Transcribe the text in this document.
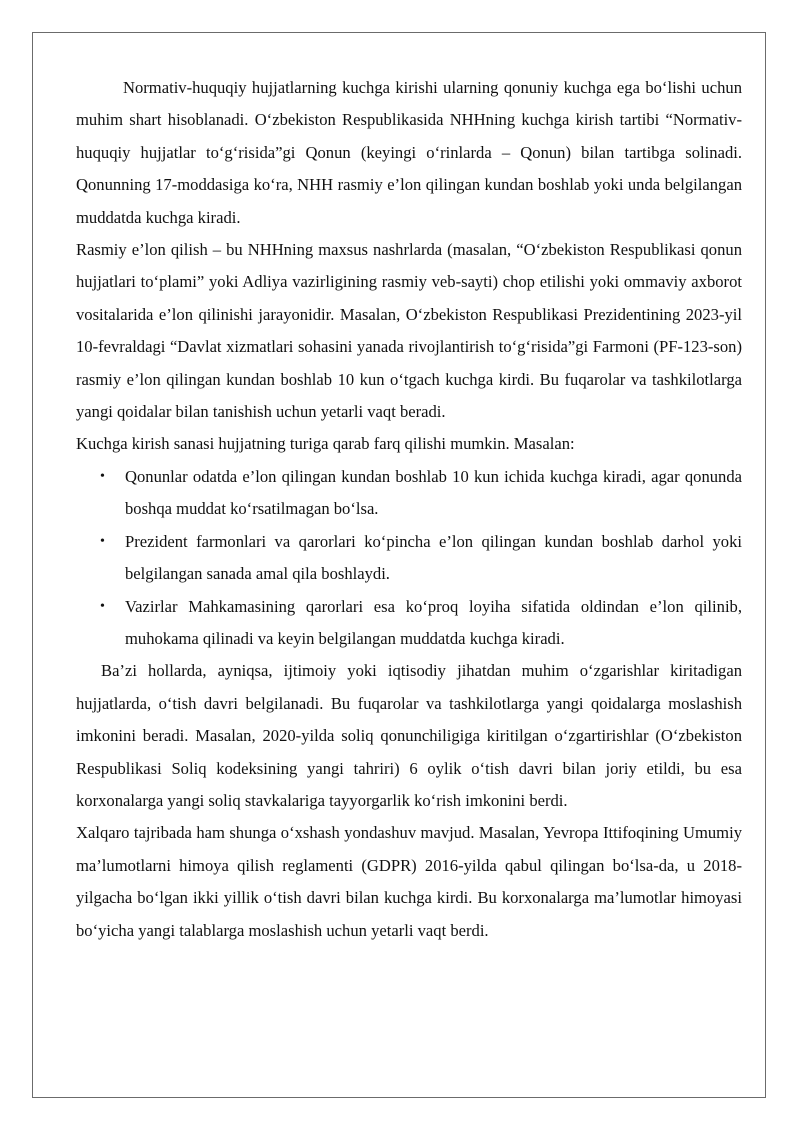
Normativ-huquqiy hujjatlarning kuchga kirishi ularning qonuniy kuchga ega bo‘lishi uchun muhim shart hisoblanadi. O‘zbekiston Respublikasida NHHning kuchga kirish tartibi “Normativ-huquqiy hujjatlar to‘g‘risida”gi Qonun (keyingi o‘rinlarda – Qonun) bilan tartibga solinadi. Qonunning 17-moddasiga ko‘ra, NHH rasmiy e’lon qilingan kundan boshlab yoki unda belgilangan muddatda kuchga kiradi.

Rasmiy e’lon qilish – bu NHHning maxsus nashrlarda (masalan, “O‘zbekiston Respublikasi qonun hujjatlari to‘plami” yoki Adliya vazirligining rasmiy veb-sayti) chop etilishi yoki ommaviy axborot vositalarida e’lon qilinishi jarayonidir. Masalan, O‘zbekiston Respublikasi Prezidentining 2023-yil 10-fevraldagi “Davlat xizmatlari sohasini yanada rivojlantirish to‘g‘risida”gi Farmoni (PF-123-son) rasmiy e’lon qilingan kundan boshlab 10 kun o‘tgach kuchga kirdi. Bu fuqarolar va tashkilotlarga yangi qoidalar bilan tanishish uchun yetarli vaqt beradi.

Kuchga kirish sanasi hujjatning turiga qarab farq qilishi mumkin. Masalan:

• Qonunlar odatda e’lon qilingan kundan boshlab 10 kun ichida kuchga kiradi, agar qonunda boshqa muddat ko‘rsatilmagan bo‘lsa.
• Prezident farmonlari va qarorlari ko‘pincha e’lon qilingan kundan boshlab darhol yoki belgilangan sanada amal qila boshlaydi.
• Vazirlar Mahkamasining qarorlari esa ko‘proq loyiha sifatida oldindan e’lon qilinib, muhokama qilinadi va keyin belgilangan muddatda kuchga kiradi.

Ba’zi hollarda, ayniqsa, ijtimoiy yoki iqtisodiy jihatdan muhim o‘zgarishlar kiritadigan hujjatlarda, o‘tish davri belgilanadi. Bu fuqarolar va tashkilotlarga yangi qoidalarga moslashish imkonini beradi. Masalan, 2020-yilda soliq qonunchiligiga kiritilgan o‘zgartirishlar (O‘zbekiston Respublikasi Soliq kodeksining yangi tahriri) 6 oylik o‘tish davri bilan joriy etildi, bu esa korxonalarga yangi soliq stavkalariga tayyorgarlik ko‘rish imkonini berdi.

Xalqaro tajribada ham shunga o‘xshash yondashuv mavjud. Masalan, Yevropa Ittifoqining Umumiy ma’lumotlarni himoya qilish reglamenti (GDPR) 2016-yilda qabul qilingan bo‘lsa-da, u 2018-yilgacha bo‘lgan ikki yillik o‘tish davri bilan kuchga kirdi. Bu korxonalarga ma’lumotlar himoyasi bo‘yicha yangi talablarga moslashish uchun yetarli vaqt berdi.
